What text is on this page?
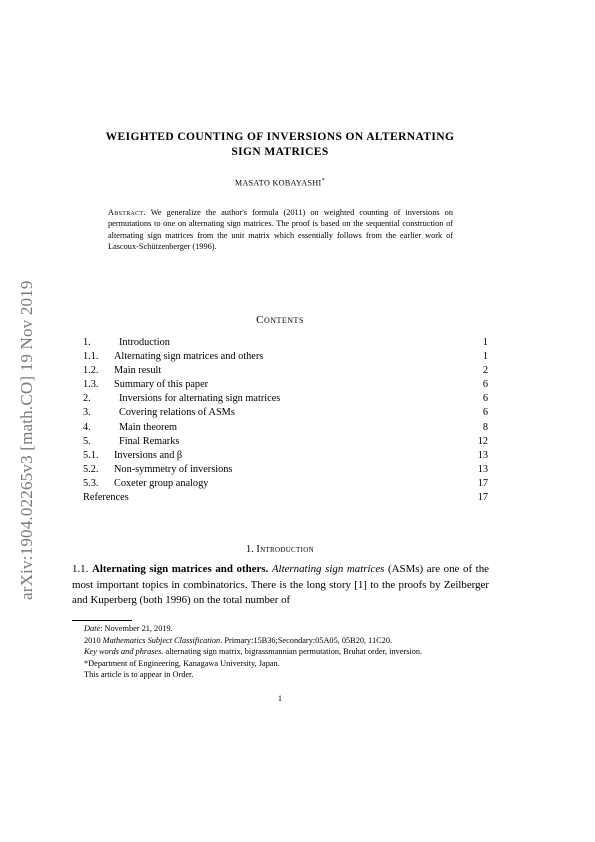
arXiv:1904.02265v3 [math.CO] 19 Nov 2019
WEIGHTED COUNTING OF INVERSIONS ON ALTERNATING
SIGN MATRICES
MASATO KOBAYASHI*
Abstract. We generalize the author's formula (2011) on weighted counting of inversions on permutations to one on alternating sign matrices. The proof is based on the sequential construction of alternating sign matrices from the unit matrix which essentially follows from the earlier work of Lascoux-Schützenberger (1996).
Contents
1.	Introduction	1
1.1.	Alternating sign matrices and others	1
1.2.	Main result	2
1.3.	Summary of this paper	6
2.	Inversions for alternating sign matrices	6
3.	Covering relations of ASMs	6
4.	Main theorem	8
5.	Final Remarks	12
5.1.	Inversions and β	13
5.2.	Non-symmetry of inversions	13
5.3.	Coxeter group analogy	17
References	17
1. Introduction
1.1. Alternating sign matrices and others. Alternating sign matrices (ASMs) are one of the most important topics in combinatorics. There is the long story [1] to the proofs by Zeilberger and Kuperberg (both 1996) on the total number of
Date: November 21, 2019.
2010 Mathematics Subject Classification. Primary:15B36;Secondary:05A05, 05B20, 11C20.
Key words and phrases. alternating sign matrix, bigrassmannian permutation, Bruhat order, inversion.
*Department of Engineering, Kanagawa University, Japan.
This article is to appear in Order.
1
